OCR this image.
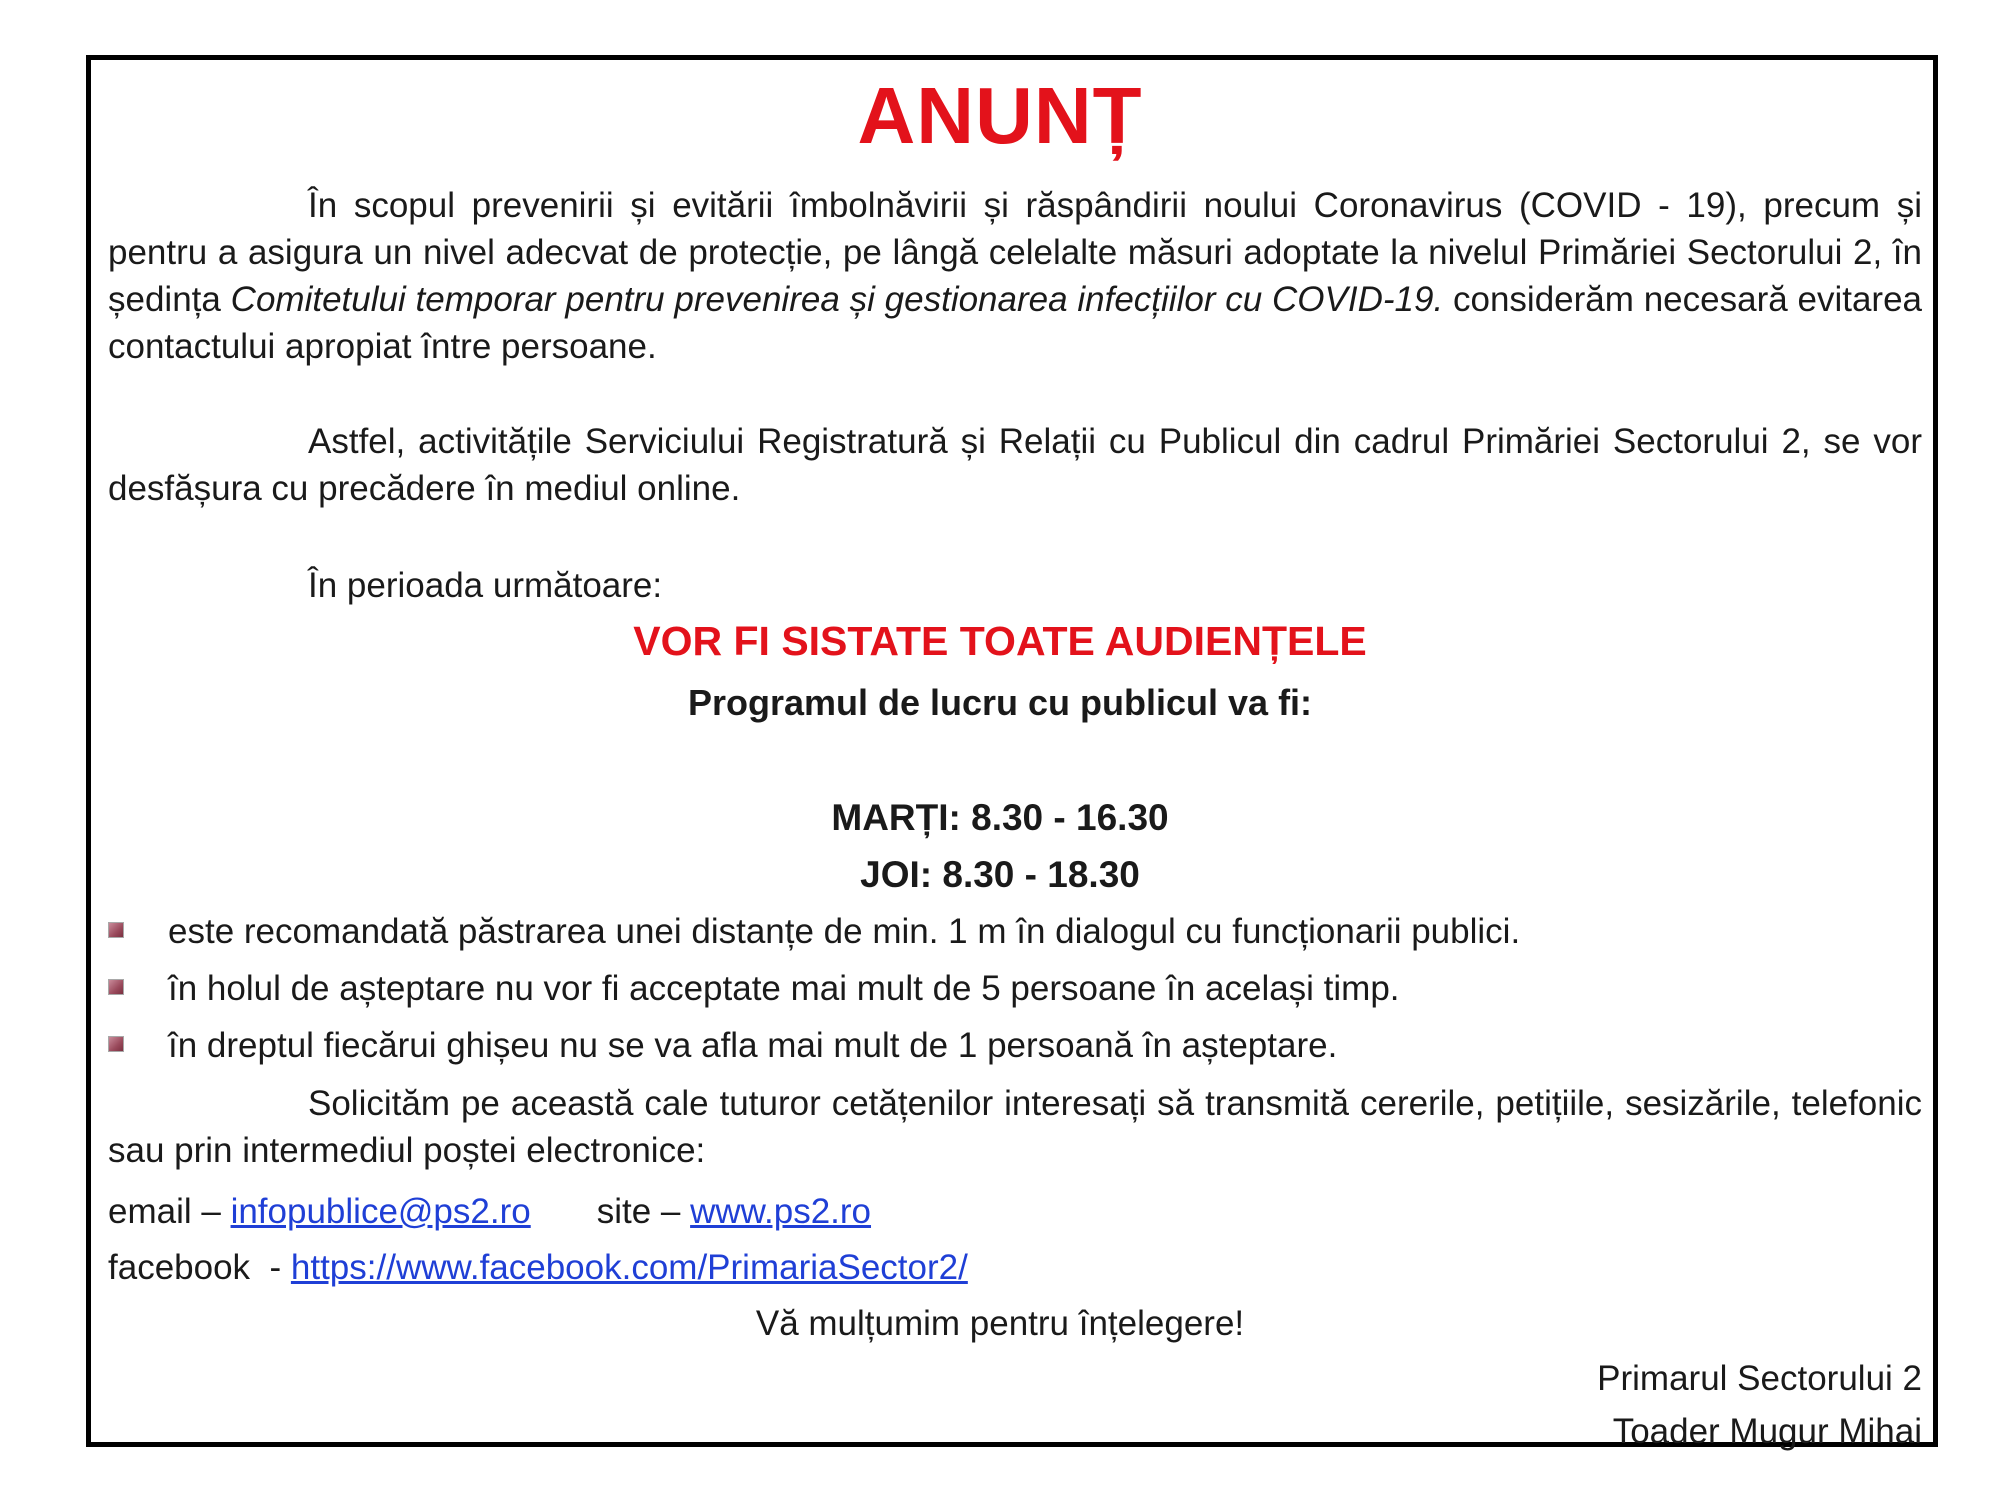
ANUNȚ
În scopul prevenirii și evitării îmbolnăvirii și răspândirii noului Coronavirus (COVID - 19), precum și pentru a asigura un nivel adecvat de protecție, pe lângă celelalte măsuri adoptate la nivelul Primăriei Sectorului 2, în ședința Comitetului temporar pentru prevenirea și gestionarea infecțiilor cu COVID-19. considerăm necesară evitarea contactului apropiat între persoane.
Astfel, activitățile Serviciului Registratură și Relații cu Publicul din cadrul Primăriei Sectorului 2, se vor desfășura cu precădere în mediul online.
În perioada următoare:
VOR FI SISTATE TOATE AUDIENȚELE
Programul de lucru cu publicul va fi:
MARȚI: 8.30 - 16.30
JOI: 8.30 - 18.30
este recomandată păstrarea unei distanțe de min. 1 m în dialogul cu funcționarii publici.
în holul de așteptare nu vor fi acceptate mai mult de 5 persoane în același timp.
în dreptul fiecărui ghișeu nu se va afla mai mult de 1 persoană în așteptare.
Solicităm pe această cale tuturor cetățenilor interesați să transmită cererile, petițiile, sesizările, telefonic sau prin intermediul poștei electronice:
email – infopublice@ps2.ro site – www.ps2.ro
facebook  - https://www.facebook.com/PrimariaSector2/
Vă mulțumim pentru înțelegere!
Primarul Sectorului 2
Toader Mugur Mihai
